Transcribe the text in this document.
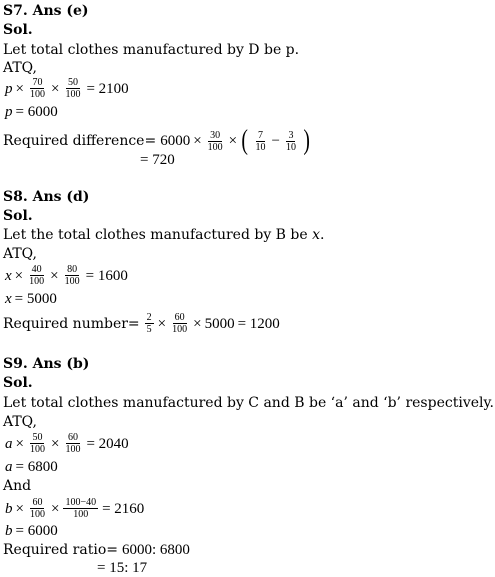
S7. Ans (e)
Sol.
Let total clothes manufactured by D be p.
ATQ,
$p \times \frac{70}{100} \times \frac{50}{100} = 2100$
p = 6000
Required difference= $6000 \times \frac{30}{100}$ × ( $\frac{7}{10} - \frac{3}{10}$ )
= 720
S8. Ans (d)
Sol.
Let the total clothes manufactured by B be x.
ATQ,
$x \times \frac{40}{100} \times \frac{80}{100} = 1600$
x = 5000
Required number= $\frac{2}{5} \times \frac{60}{100} \times 5000 = 1200$
S9. Ans (b)
Sol.
Let total clothes manufactured by C and B be ‘a’ and ‘b’ respectively.
ATQ,
$a \times \frac{50}{100} \times \frac{60}{100} = 2040$
a = 6800
And
$b \times \frac{60}{100} \times \frac{100-40}{100} = 2160$
b = 6000
Required ratio= 6000: 6800
= 15: 17
